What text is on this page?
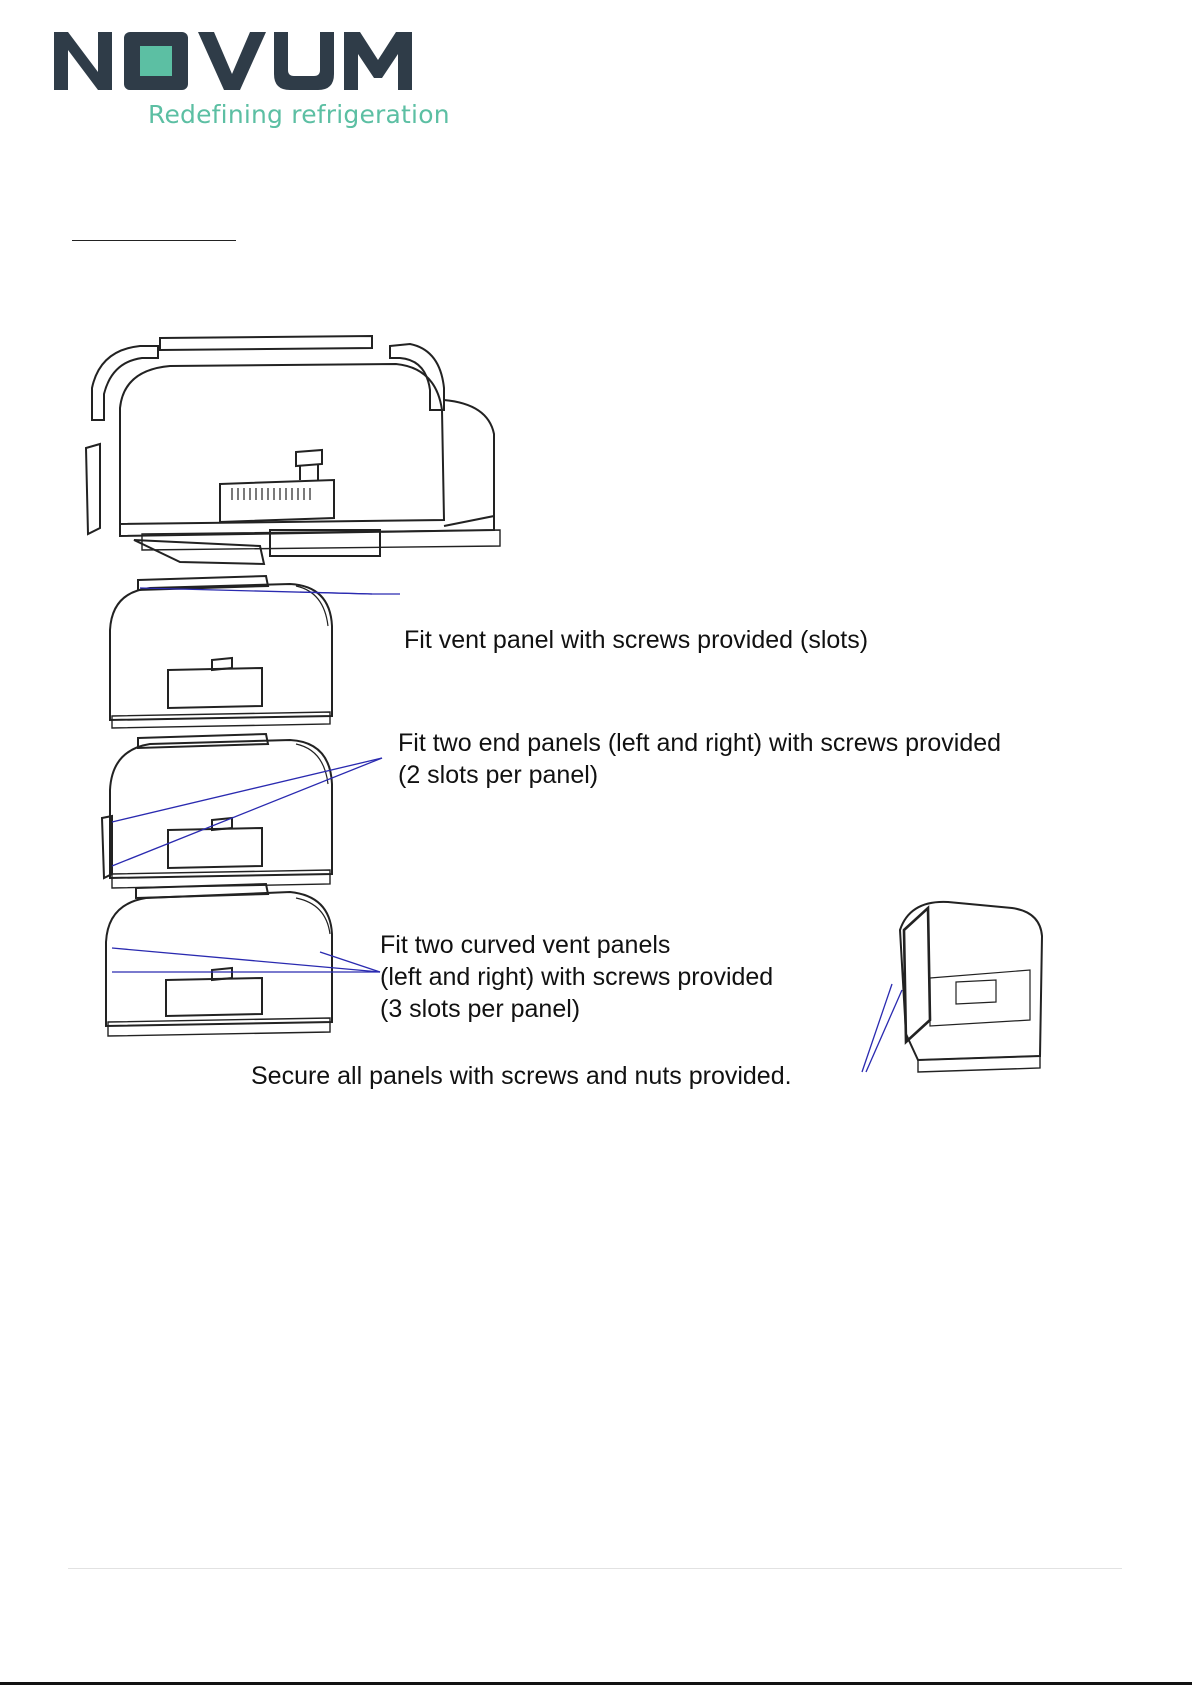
Redefining refrigeration
Fit vent panel with screws provided (slots)
Fit two end panels (left and right) with screws provided
(2 slots per panel)
Fit two curved vent panels
(left and right) with screws provided
(3 slots per panel)
Secure all panels with screws and nuts provided.
